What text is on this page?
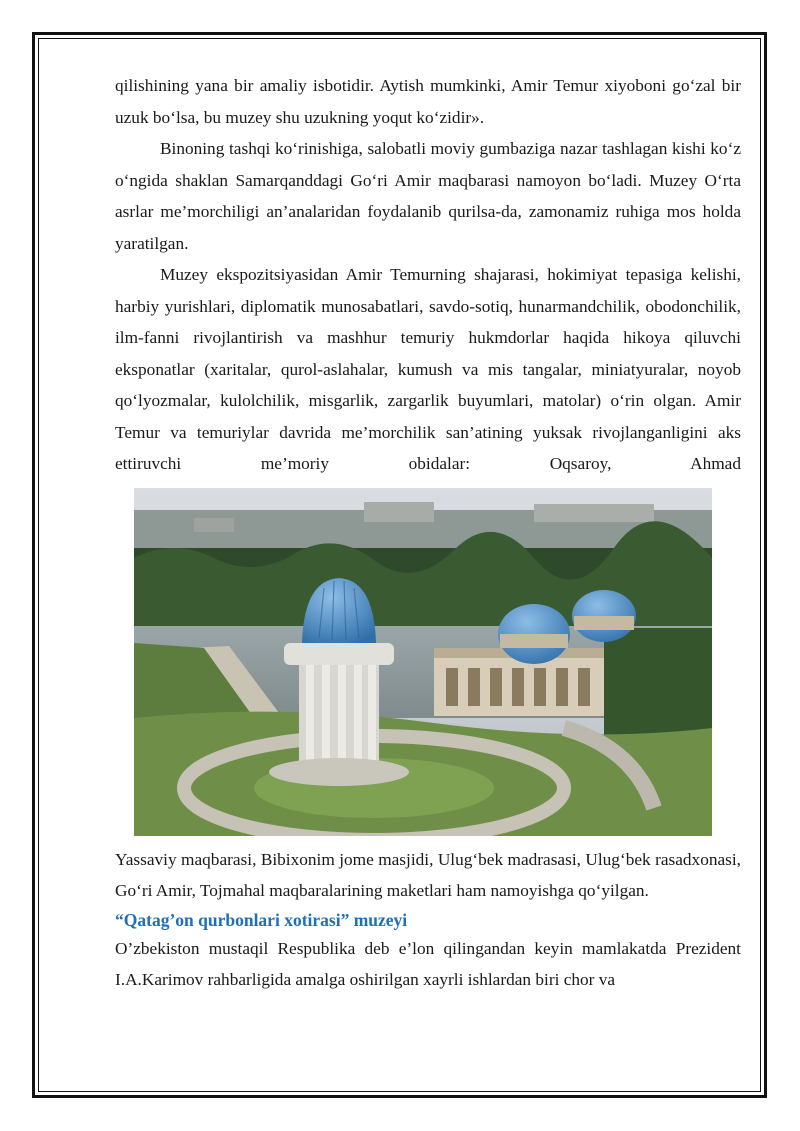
qilishining yana bir amaliy isbotidir. Aytish mumkinki, Amir Temur xiyoboni go‘zal bir uzuk bo‘lsa, bu muzey shu uzukning yoqut ko‘zidir».

Binoning tashqi ko‘rinishiga, salobatli moviy gumbaziga nazar tashlagan kishi ko‘z o‘ngida shaklan Samarqanddagi Go‘ri Amir maqbarasi namoyon bo‘ladi. Muzey O‘rta asrlar me’morchiligi an’analaridan foydalanib qurilsa-da, zamonamiz ruhiga mos holda yaratilgan.

Muzey ekspozitsiyasidan Amir Temurning shajarasi, hokimiyat tepasiga kelishi, harbiy yurishlari, diplomatik munosabatlari, savdo-sotiq, hunarmandchilik, obodonchilik, ilm-fanni rivojlantirish va mashhur temuriy hukmdorlar haqida hikoya qiluvchi eksponatlar (xaritalar, qurol-aslahalar, kumush va mis tangalar, miniatyuralar, noyob qo‘lyozmalar, kulolchilik, misgarlik, zargarlik buyumlari, matolar) o‘rin olgan. Amir Temur va temuriylar davrida me’morchilik san’atining yuksak rivojlanganligini aks ettiruvchi me’moriy obidalar: Oqsaroy, Ahmad

Yassaviy maqbarasi, Bibixonim jome masjidi, Ulug‘bek madrasasi, Ulug‘bek rasadxonasi, Go‘ri Amir, Tojmahal maqbaralarining maketlari ham namoyishga qo‘yilgan.

“Qatag’on qurbonlari xotirasi” muzeyi

O’zbekiston mustaqil Respublika deb e’lon qilingandan keyin mamlakatda Prezident I.A.Karimov rahbarligida amalga oshirilgan xayrli ishlardan biri chor va
